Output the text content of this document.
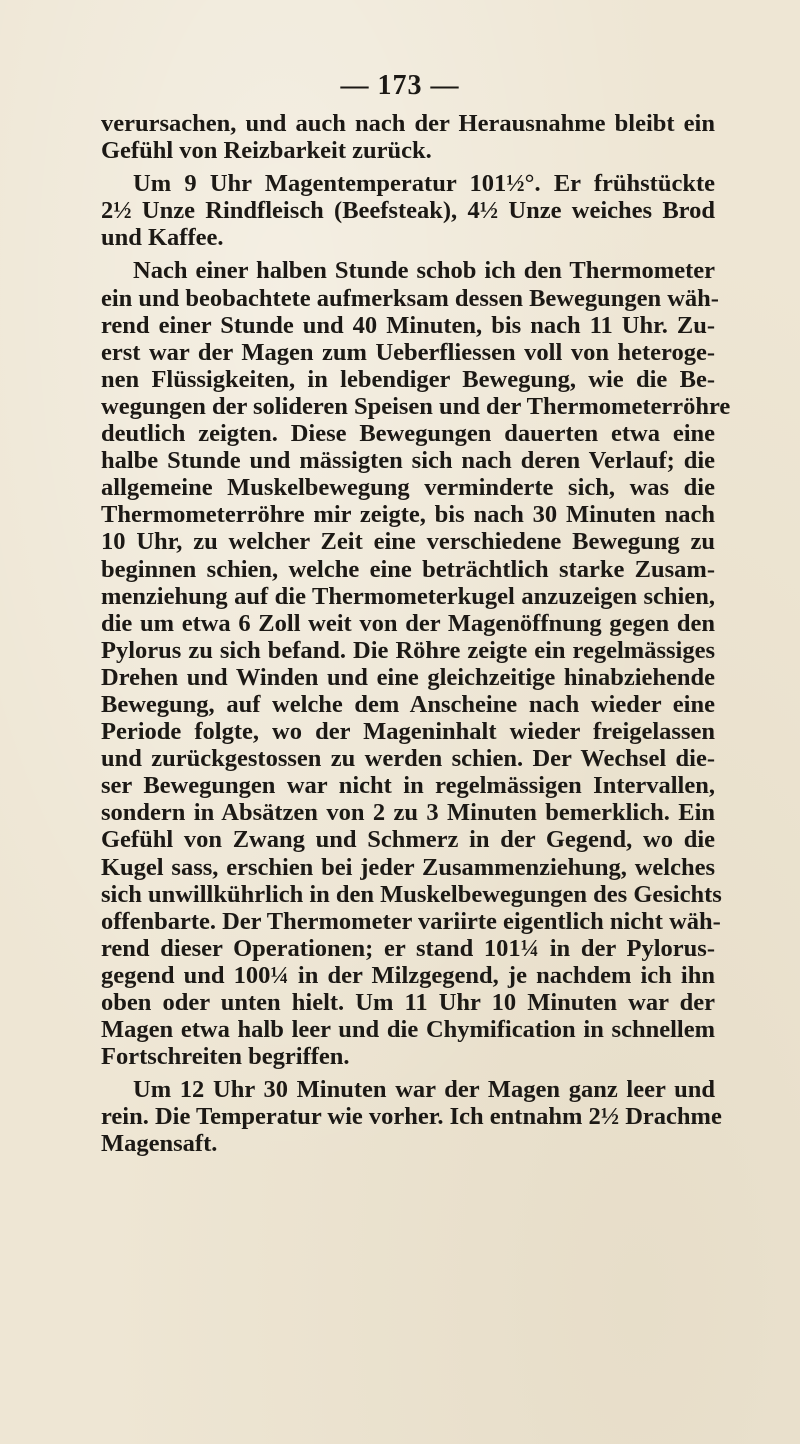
— 173 —
verursachen, und auch nach der Herausnahme bleibt ein
Gefühl von Reizbarkeit zurück.
Um 9 Uhr Magentemperatur 101½°. Er frühstückte
2½ Unze Rindfleisch (Beefsteak), 4½ Unze weiches Brod
und Kaffee.
Nach einer halben Stunde schob ich den Thermometer
ein und beobachtete aufmerksam dessen Bewegungen wäh-
rend einer Stunde und 40 Minuten, bis nach 11 Uhr. Zu-
erst war der Magen zum Ueberfliessen voll von heteroge-
nen Flüssigkeiten, in lebendiger Bewegung, wie die Be-
wegungen der solideren Speisen und der Thermometerröhre
deutlich zeigten. Diese Bewegungen dauerten etwa eine
halbe Stunde und mässigten sich nach deren Verlauf; die
allgemeine Muskelbewegung verminderte sich, was die
Thermometerröhre mir zeigte, bis nach 30 Minuten nach
10 Uhr, zu welcher Zeit eine verschiedene Bewegung zu
beginnen schien, welche eine beträchtlich starke Zusam-
menziehung auf die Thermometerkugel anzuzeigen schien,
die um etwa 6 Zoll weit von der Magenöffnung gegen den
Pylorus zu sich befand. Die Röhre zeigte ein regelmässiges
Drehen und Winden und eine gleichzeitige hinabziehende
Bewegung, auf welche dem Anscheine nach wieder eine
Periode folgte, wo der Mageninhalt wieder freigelassen
und zurückgestossen zu werden schien. Der Wechsel die-
ser Bewegungen war nicht in regelmässigen Intervallen,
sondern in Absätzen von 2 zu 3 Minuten bemerklich. Ein
Gefühl von Zwang und Schmerz in der Gegend, wo die
Kugel sass, erschien bei jeder Zusammenziehung, welches
sich unwillkührlich in den Muskelbewegungen des Gesichts
offenbarte. Der Thermometer variirte eigentlich nicht wäh-
rend dieser Operationen; er stand 101¼ in der Pylorus-
gegend und 100¼ in der Milzgegend, je nachdem ich ihn
oben oder unten hielt. Um 11 Uhr 10 Minuten war der
Magen etwa halb leer und die Chymification in schnellem
Fortschreiten begriffen.
Um 12 Uhr 30 Minuten war der Magen ganz leer und
rein. Die Temperatur wie vorher. Ich entnahm 2½ Drachme
Magensaft.
